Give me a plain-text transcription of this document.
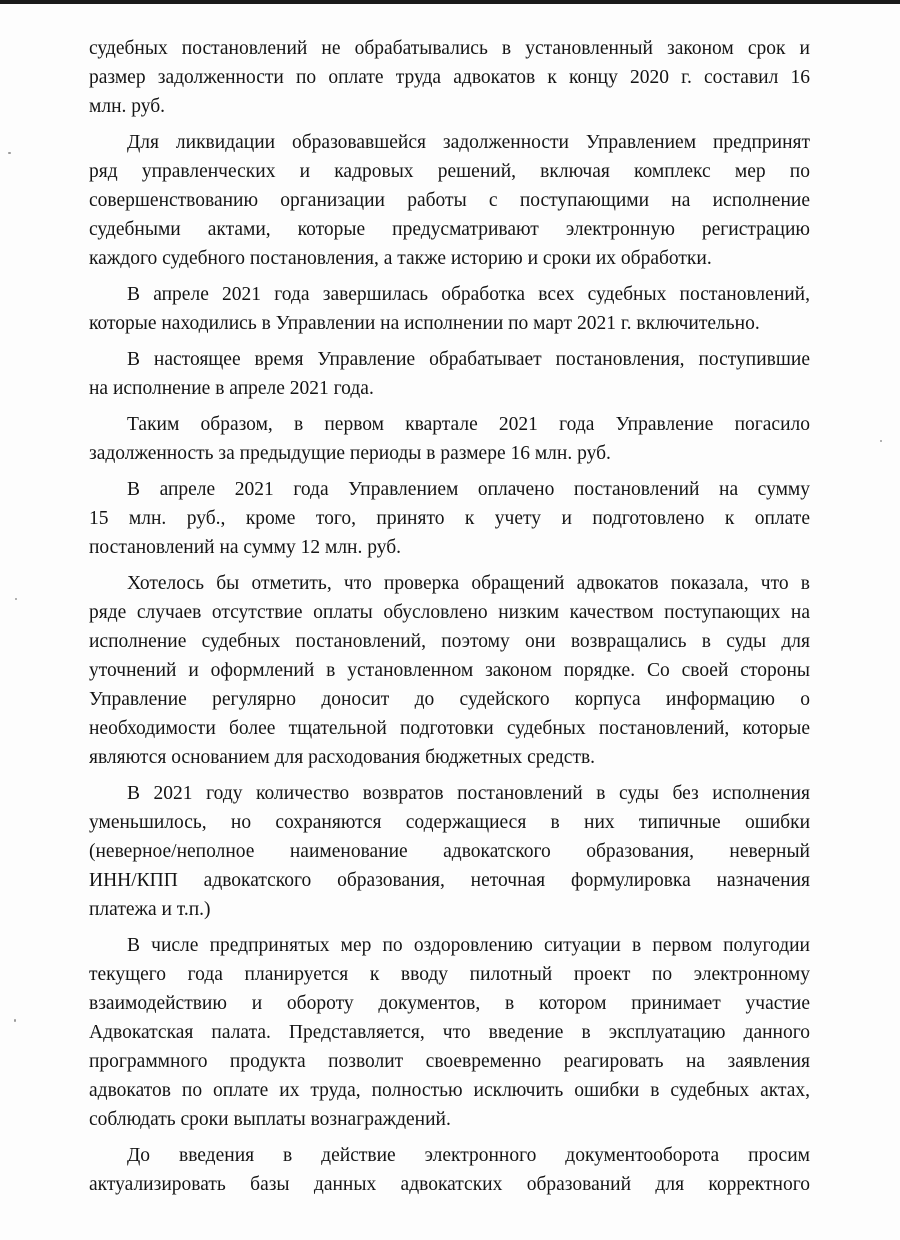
судебных постановлений не обрабатывались в установленный законом срок и
размер задолженности по оплате труда адвокатов к концу 2020 г. составил 16
млн. руб.
Для ликвидации образовавшейся задолженности Управлением предпринят
ряд управленческих и кадровых решений, включая комплекс мер по
совершенствованию организации работы с поступающими на исполнение
судебными актами, которые предусматривают электронную регистрацию
каждого судебного постановления, а также историю и сроки их обработки.
В апреле 2021 года завершилась обработка всех судебных постановлений,
которые находились в Управлении на исполнении по март 2021 г. включительно.
В настоящее время Управление обрабатывает постановления, поступившие
на исполнение в апреле 2021 года.
Таким образом, в первом квартале 2021 года Управление погасило
задолженность за предыдущие периоды в размере 16 млн. руб.
В апреле 2021 года Управлением оплачено постановлений на сумму
15 млн. руб., кроме того, принято к учету и подготовлено к оплате
постановлений на сумму 12 млн. руб.
Хотелось бы отметить, что проверка обращений адвокатов показала, что в
ряде случаев отсутствие оплаты обусловлено низким качеством поступающих на
исполнение судебных постановлений, поэтому они возвращались в суды для
уточнений и оформлений в установленном законом порядке. Со своей стороны
Управление регулярно доносит до судейского корпуса информацию о
необходимости более тщательной подготовки судебных постановлений, которые
являются основанием для расходования бюджетных средств.
В 2021 году количество возвратов постановлений в суды без исполнения
уменьшилось, но сохраняются содержащиеся в них типичные ошибки
(неверное/неполное наименование адвокатского образования, неверный
ИНН/КПП адвокатского образования, неточная формулировка назначения
платежа и т.п.)
В числе предпринятых мер по оздоровлению ситуации в первом полугодии
текущего года планируется к вводу пилотный проект по электронному
взаимодействию и обороту документов, в котором принимает участие
Адвокатская палата. Представляется, что введение в эксплуатацию данного
программного продукта позволит своевременно реагировать на заявления
адвокатов по оплате их труда, полностью исключить ошибки в судебных актах,
соблюдать сроки выплаты вознаграждений.
До введения в действие электронного документооборота просим
актуализировать базы данных адвокатских образований для корректного
